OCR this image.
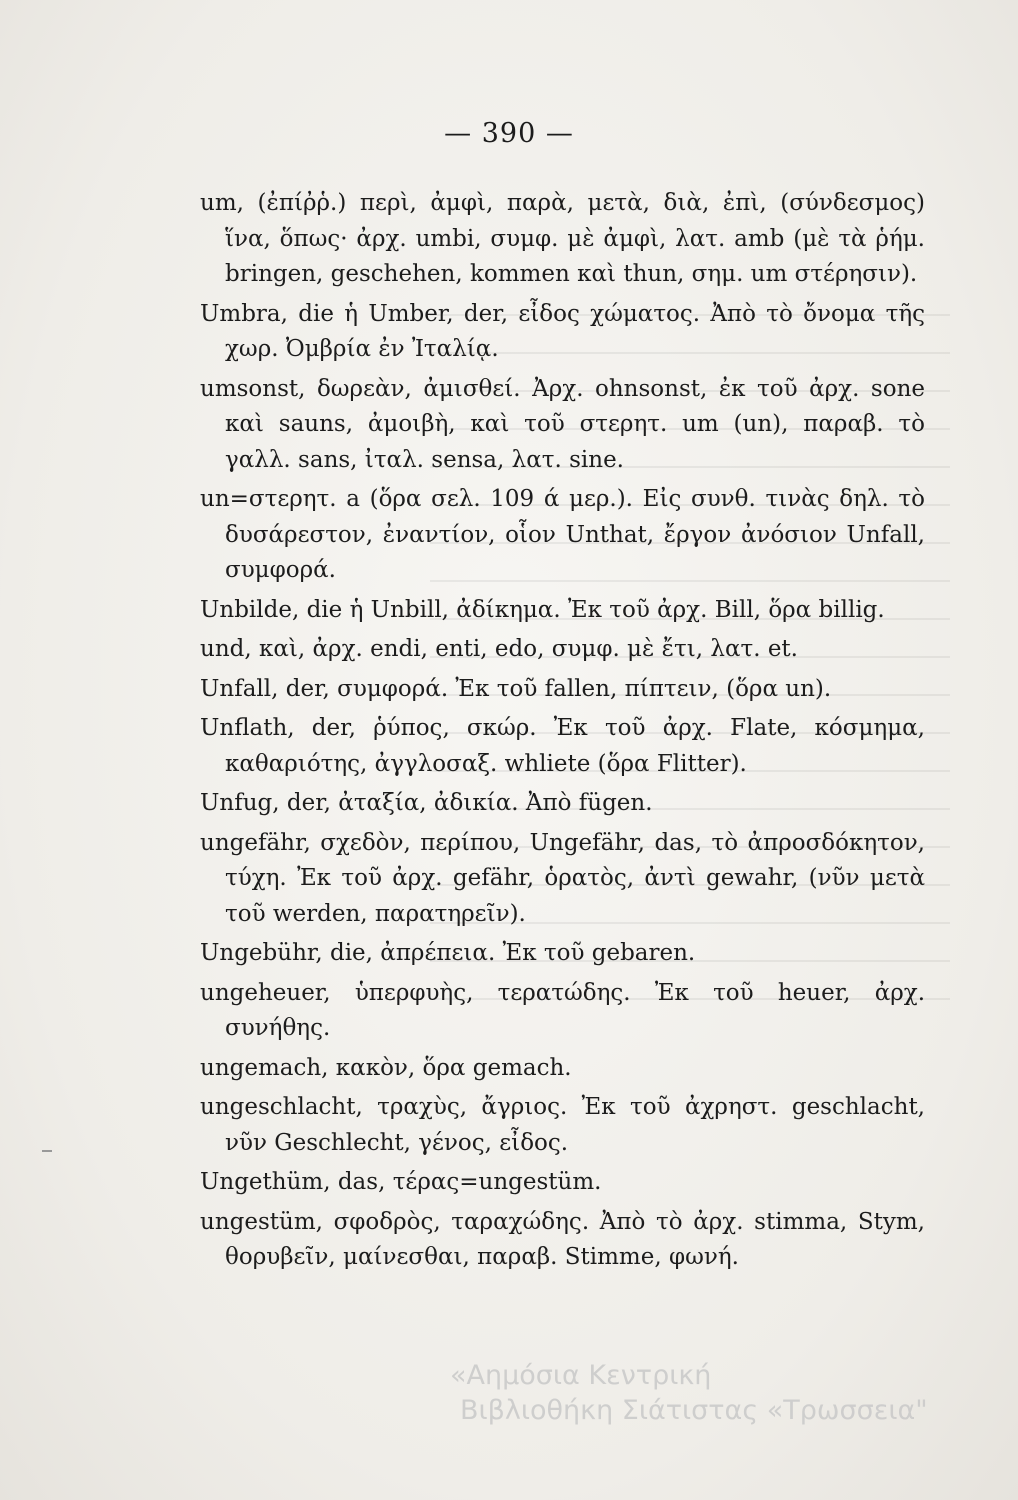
— 390 —

um, (ἐπίῤῥ.) περὶ, ἀμφὶ, παρὰ, μετὰ, διὰ, ἐπὶ, (σύνδεσμος) ἵνα, ὅπως· ἀρχ. umbi, συμφ. μὲ ἀμφὶ, λατ. amb (μὲ τὰ ῥήμ. bringen, geschehen, kommen καὶ thun, σημ. um στέρησιν).

Umbra, die ἡ Umber, der, εἶδος χώματος. Ἀπὸ τὸ ὄνομα τῆς χωρ. Ὀμβρία ἐν Ἰταλίᾳ.

umsonst, δωρεὰν, ἀμισθεί. Ἀρχ. ohnsonst, ἐκ τοῦ ἀρχ. sone καὶ sauns, ἀμοιβὴ, καὶ τοῦ στερητ. um (un), παραβ. τὸ γαλλ. sans, ἰταλ. sensa, λατ. sine.

un=στερητ. a (ὅρα σελ. 109 ά μερ.). Εἰς συνθ. τινὰς δηλ. τὸ δυσάρεστον, ἐναντίον, οἷον Unthat, ἔργον ἀνόσιον Unfall, συμφορά.

Unbilde, die ἡ Unbill, ἀδίκημα. Ἐκ τοῦ ἀρχ. Bill, ὅρα billig.

und, καὶ, ἀρχ. endi, enti, edo, συμφ. μὲ ἔτι, λατ. et.

Unfall, der, συμφορά. Ἐκ τοῦ fallen, πίπτειν, (ὅρα un).

Unflath, der, ῥύπος, σκώρ. Ἐκ τοῦ ἀρχ. Flate, κόσμημα, καθαριότης, ἀγγλοσαξ. whliete (ὅρα Flitter).

Unfug, der, ἀταξία, ἀδικία. Ἀπὸ fügen.

ungefähr, σχεδὸν, περίπου, Ungefähr, das, τὸ ἀπροσδόκητον, τύχη. Ἐκ τοῦ ἀρχ. gefähr, ὁρατὸς, ἀντὶ gewahr, (νῦν μετὰ τοῦ werden, παρατηρεῖν).

Ungebühr, die, ἀπρέπεια. Ἐκ τοῦ gebaren.

ungeheuer, ὑπερφυὴς, τερατώδης. Ἐκ τοῦ heuer, ἀρχ. συνήθης.

ungemach, κακὸν, ὅρα gemach.

ungeschlacht, τραχὺς, ἄγριος. Ἐκ τοῦ ἀχρηστ. geschlacht, νῦν Geschlecht, γένος, εἶδος.

Ungethüm, das, τέρας=ungestüm.

ungestüm, σφοδρὸς, ταραχώδης. Ἀπὸ τὸ ἀρχ. stimma, Stym, θορυβεῖν, μαίνεσθαι, παραβ. Stimme, φωνή.

«Αημόσια Κεντρική
Βιβλιοθήκη Σιάτιστας «Τρωσσεια"
